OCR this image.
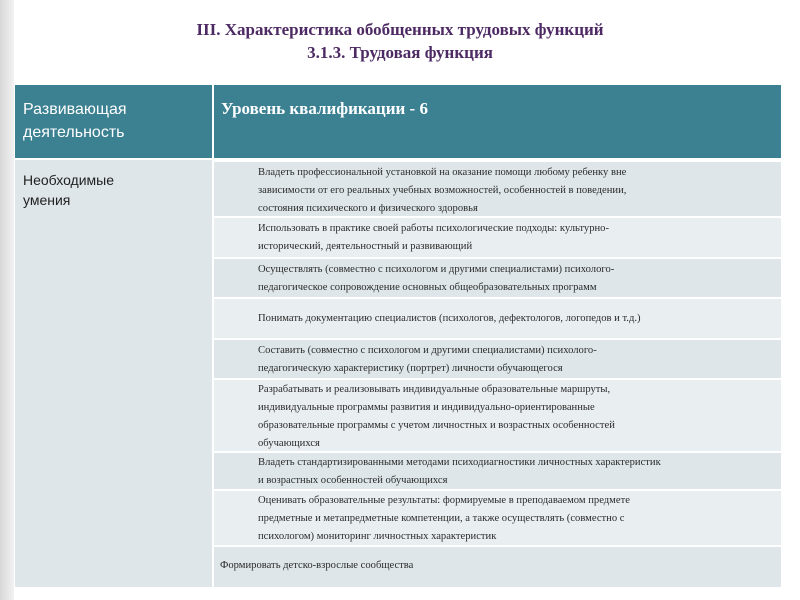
III. Характеристика обобщенных трудовых функций
3.1.3. Трудовая функция
Развивающая
деятельность
Уровень квалификации - 6
Необходимые
умения
Владеть профессиональной установкой на оказание помощи любому ребенку вне
зависимости от его реальных учебных возможностей, особенностей в поведении,
состояния психического и физического здоровья
Использовать в практике своей работы психологические подходы: культурно-
исторический, деятельностный и развивающий
Осуществлять (совместно с психологом и другими специалистами) психолого-
педагогическое сопровождение основных общеобразовательных программ
Понимать документацию специалистов (психологов, дефектологов, логопедов и т.д.)
Составить (совместно с психологом и другими специалистами) психолого-
педагогическую характеристику (портрет) личности обучающегося
Разрабатывать и реализовывать индивидуальные образовательные маршруты,
индивидуальные программы развития и индивидуально-ориентированные
образовательные программы с учетом личностных и возрастных особенностей
обучающихся
Владеть стандартизированными методами психодиагностики личностных характеристик
и возрастных особенностей обучающихся
Оценивать образовательные результаты: формируемые в преподаваемом предмете
предметные и метапредметные компетенции, а также осуществлять (совместно с
психологом) мониторинг личностных характеристик
Формировать детско-взрослые сообщества
